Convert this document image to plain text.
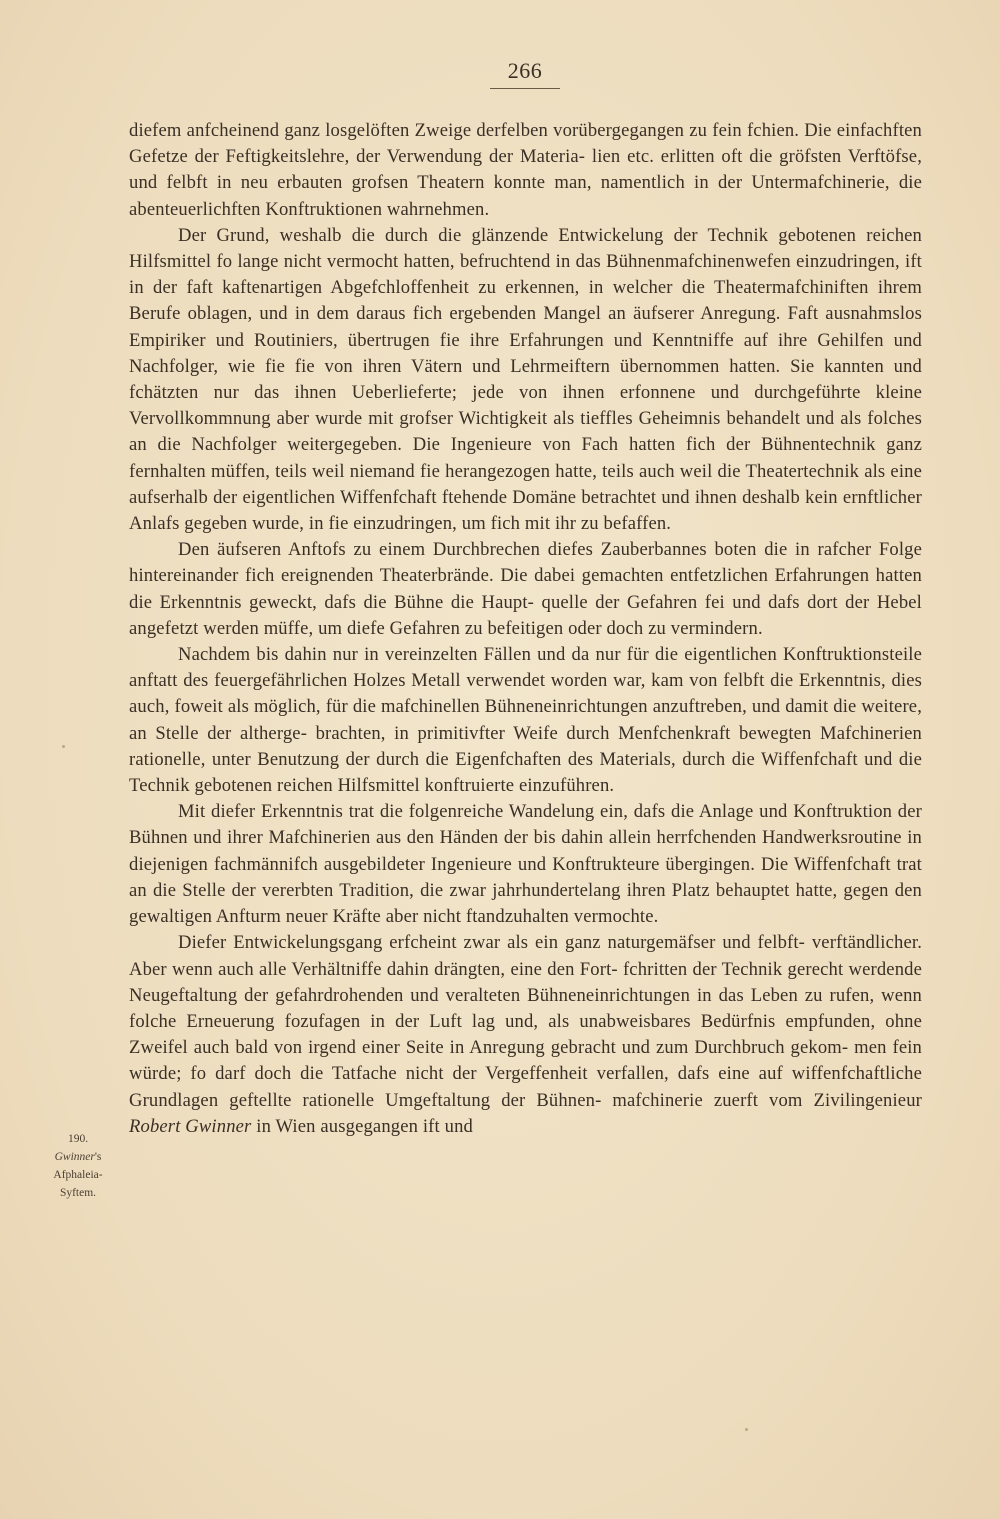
266
190.
Gwinner's
Afphaleia-
Syftem.

diefem anfcheinend ganz losgelöften Zweige derfelben vorübergegangen zu fein fchien. Die einfachften Gefetze der Feftigkeitslehre, der Verwendung der Materia- lien etc. erlitten oft die gröfsten Verftöfse, und felbft in neu erbauten grofsen Theatern konnte man, namentlich in der Untermafchinerie, die abenteuerlichften Konftruktionen wahrnehmen.

Der Grund, weshalb die durch die glänzende Entwickelung der Technik gebotenen reichen Hilfsmittel fo lange nicht vermocht hatten, befruchtend in das Bühnenmafchinenwefen einzudringen, ift in der faft kaftenartigen Abgefchloffenheit zu erkennen, in welcher die Theatermafchiniften ihrem Berufe oblagen, und in dem daraus fich ergebenden Mangel an äufserer Anregung. Faft ausnahmslos Empiriker und Routiniers, übertrugen fie ihre Erfahrungen und Kenntniffe auf ihre Gehilfen und Nachfolger, wie fie fie von ihren Vätern und Lehrmeiftern übernommen hatten. Sie kannten und fchätzten nur das ihnen Ueberlieferte; jede von ihnen erfonnene und durchgeführte kleine Vervollkommnung aber wurde mit grofser Wichtigkeit als tieffles Geheimnis behandelt und als folches an die Nachfolger weitergegeben. Die Ingenieure von Fach hatten fich der Bühnentechnik ganz fernhalten müffen, teils weil niemand fie herangezogen hatte, teils auch weil die Theatertechnik als eine aufserhalb der eigentlichen Wiffenfchaft ftehende Domäne betrachtet und ihnen deshalb kein ernftlicher Anlafs gegeben wurde, in fie einzudringen, um fich mit ihr zu befaffen.

Den äufseren Anftofs zu einem Durchbrechen diefes Zauberbannes boten die in rafcher Folge hintereinander fich ereignenden Theaterbrände. Die dabei gemachten entfetzlichen Erfahrungen hatten die Erkenntnis geweckt, dafs die Bühne die Haupt- quelle der Gefahren fei und dafs dort der Hebel angefetzt werden müffe, um diefe Gefahren zu befeitigen oder doch zu vermindern.

Nachdem bis dahin nur in vereinzelten Fällen und da nur für die eigentlichen Konftruktionsteile anftatt des feuergefährlichen Holzes Metall verwendet worden war, kam von felbft die Erkenntnis, dies auch, foweit als möglich, für die mafchinellen Bühneneinrichtungen anzuftreben, und damit die weitere, an Stelle der altherge- brachten, in primitivfter Weife durch Menfchenkraft bewegten Mafchinerien rationelle, unter Benutzung der durch die Eigenfchaften des Materials, durch die Wiffenfchaft und die Technik gebotenen reichen Hilfsmittel konftruierte einzuführen.

Mit diefer Erkenntnis trat die folgenreiche Wandelung ein, dafs die Anlage und Konftruktion der Bühnen und ihrer Mafchinerien aus den Händen der bis dahin allein herrfchenden Handwerksroutine in diejenigen fachmännifch ausgebildeter Ingenieure und Konftrukteure übergingen. Die Wiffenfchaft trat an die Stelle der vererbten Tradition, die zwar jahrhundertelang ihren Platz behauptet hatte, gegen den gewaltigen Anfturm neuer Kräfte aber nicht ftandzuhalten vermochte.

Diefer Entwickelungsgang erfcheint zwar als ein ganz naturgemäfser und felbft- verftändlicher. Aber wenn auch alle Verhältniffe dahin drängten, eine den Fort- fchritten der Technik gerecht werdende Neugeftaltung der gefahrdrohenden und veralteten Bühneneinrichtungen in das Leben zu rufen, wenn folche Erneuerung fozufagen in der Luft lag und, als unabweisbares Bedürfnis empfunden, ohne Zweifel auch bald von irgend einer Seite in Anregung gebracht und zum Durchbruch gekom- men fein würde; fo darf doch die Tatfache nicht der Vergeffenheit verfallen, dafs eine auf wiffenfchaftliche Grundlagen geftellte rationelle Umgeftaltung der Bühnen- mafchinerie zuerft vom Zivilingenieur Robert Gwinner in Wien ausgegangen ift und
